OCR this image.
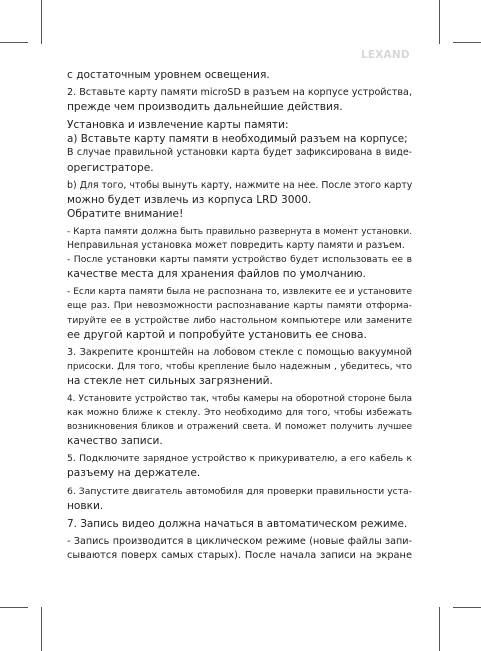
LEXAND
с достаточным уровнем освещения.
2. Вставьте карту памяти microSD в разъем на корпусе устройства,
прежде чем производить дальнейшие действия.
Установка и извлечение карты памяти:
а) Вставьте карту памяти в необходимый разъем на корпусе;
В случае правильной установки карта будет зафиксирована в виде-
орегистраторе.
b) Для того, чтобы вынуть карту, нажмите на нее. После этого карту
можно будет извлечь из корпуса LRD 3000.
Обратите внимание!
- Карта памяти должна быть правильно развернута в момент установки.
Неправильная установка может повредить карту памяти и разъем.
- После установки карты памяти устройство будет использовать ее в
качестве места для хранения файлов по умолчанию.
- Если карта памяти была не распознана то, извлеките ее и установите
еще раз. При невозможности распознавание карты памяти отформа-
тируйте ее в устройстве либо настольном компьютере или замените
ее другой картой и попробуйте установить ее снова.
3. Закрепите кронштейн на лобовом стекле с помощью вакуумной
присоски. Для того, чтобы крепление было надежным , убедитесь, что
на стекле нет сильных загрязнений.
4. Установите устройство так, чтобы камеры на оборотной стороне была
как можно ближе к стеклу. Это необходимо для того, чтобы избежать
возникновения бликов и отражений света. И поможет получить лучшее
качество записи.
5. Подключите зарядное устройство к прикуривателю, а его кабель к
разъему на держателе.
6. Запустите двигатель автомобиля для проверки правильности уста-
новки.
7. Запись видео должна начаться в автоматическом режиме.
- Запись производится в циклическом режиме (новые файлы запи-
сываются поверх самых старых). После начала записи на экране
